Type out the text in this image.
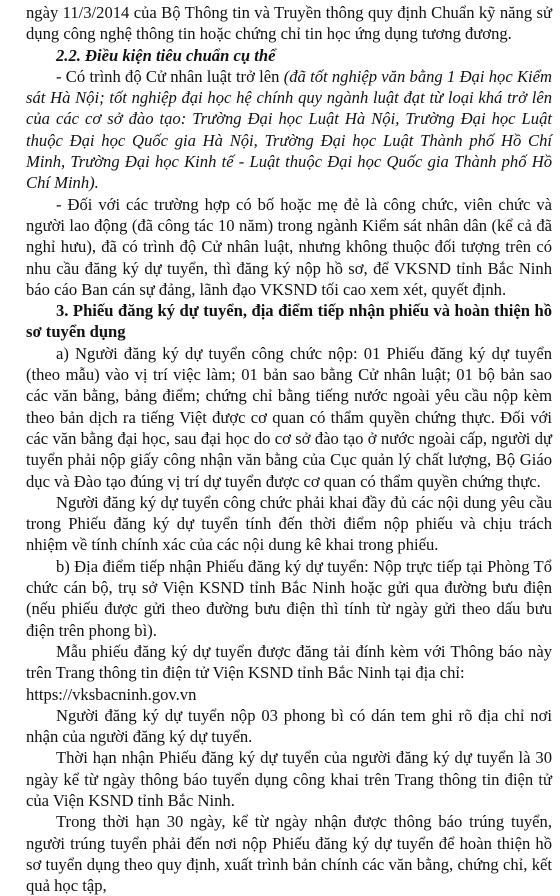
ngày 11/3/2014 của Bộ Thông tin và Truyền thông quy định Chuẩn kỹ năng sử dụng công nghệ thông tin hoặc chứng chỉ tin học ứng dụng tương đương.

2.2. Điều kiện tiêu chuẩn cụ thể

- Có trình độ Cử nhân luật trở lên (đã tốt nghiệp văn bằng 1 Đại học Kiểm sát Hà Nội; tốt nghiệp đại học hệ chính quy ngành luật đạt từ loại khá trở lên của các cơ sở đào tạo: Trường Đại học Luật Hà Nội, Trường Đại học Luật thuộc Đại học Quốc gia Hà Nội, Trường Đại học Luật Thành phố Hồ Chí Minh, Trường Đại học Kinh tế - Luật thuộc Đại học Quốc gia Thành phố Hồ Chí Minh).

- Đối với các trường hợp có bố hoặc mẹ đẻ là công chức, viên chức và người lao động (đã công tác 10 năm) trong ngành Kiểm sát nhân dân (kể cả đã nghỉ hưu), đã có trình độ Cử nhân luật, nhưng không thuộc đối tượng trên có nhu cầu đăng ký dự tuyển, thì đăng ký nộp hồ sơ, để VKSND tỉnh Bắc Ninh báo cáo Ban cán sự đảng, lãnh đạo VKSND tối cao xem xét, quyết định.

3. Phiếu đăng ký dự tuyển, địa điểm tiếp nhận phiếu và hoàn thiện hồ sơ tuyển dụng

a) Người đăng ký dự tuyển công chức nộp: 01 Phiếu đăng ký dự tuyển (theo mẫu) vào vị trí việc làm; 01 bản sao bằng Cử nhân luật; 01 bộ bản sao các văn bằng, bảng điểm; chứng chỉ bằng tiếng nước ngoài yêu cầu nộp kèm theo bản dịch ra tiếng Việt được cơ quan có thẩm quyền chứng thực. Đối với các văn bằng đại học, sau đại học do cơ sở đào tạo ở nước ngoài cấp, người dự tuyển phải nộp giấy công nhận văn bằng của Cục quản lý chất lượng, Bộ Giáo dục và Đào tạo đúng vị trí dự tuyển được cơ quan có thẩm quyền chứng thực.

Người đăng ký dự tuyển công chức phải khai đầy đủ các nội dung yêu cầu trong Phiếu đăng ký dự tuyển tính đến thời điểm nộp phiếu và chịu trách nhiệm về tính chính xác của các nội dung kê khai trong phiếu.

b) Địa điểm tiếp nhận Phiếu đăng ký dự tuyển: Nộp trực tiếp tại Phòng Tổ chức cán bộ, trụ sở Viện KSND tỉnh Bắc Ninh hoặc gửi qua đường bưu điện (nếu phiếu được gửi theo đường bưu điện thì tính từ ngày gửi theo dấu bưu điện trên phong bì).

Mẫu phiếu đăng ký dự tuyển được đăng tải đính kèm với Thông báo này trên Trang thông tin điện tử Viện KSND tỉnh Bắc Ninh tại địa chỉ:

https://vksbacninh.gov.vn

Người đăng ký dự tuyển nộp 03 phong bì có dán tem ghi rõ địa chỉ nơi nhận của người đăng ký dự tuyển.

Thời hạn nhận Phiếu đăng ký dự tuyển của người đăng ký dự tuyển là 30 ngày kể từ ngày thông báo tuyển dụng công khai trên Trang thông tin điện tử của Viện KSND tỉnh Bắc Ninh.

Trong thời hạn 30 ngày, kể từ ngày nhận được thông báo trúng tuyển, người trúng tuyển phải đến nơi nộp Phiếu đăng ký dự tuyển để hoàn thiện hồ sơ tuyển dụng theo quy định, xuất trình bản chính các văn bằng, chứng chỉ, kết quả học tập,
